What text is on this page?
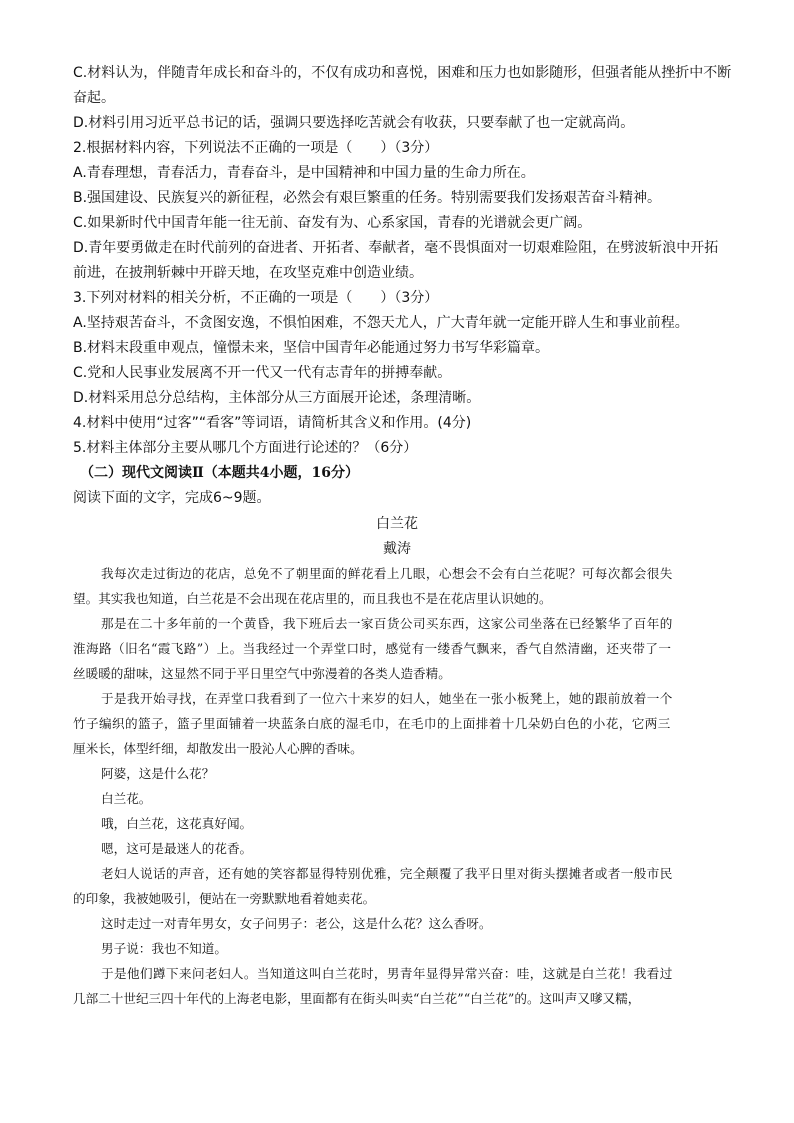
C.材料认为，伴随青年成长和奋斗的，不仅有成功和喜悦，困难和压力也如影随形，但强者能从挫折中不断
奋起。
D.材料引用习近平总书记的话，强调只要选择吃苦就会有收获，只要奉献了也一定就高尚。
2.根据材料内容，下列说法不正确的一项是（　　）（3分）
A.青春理想，青春活力，青春奋斗，是中国精神和中国力量的生命力所在。
B.强国建设、民族复兴的新征程，必然会有艰巨繁重的任务。特别需要我们发扬艰苦奋斗精神。
C.如果新时代中国青年能一往无前、奋发有为、心系家国，青春的光谱就会更广阔。
D.青年要勇做走在时代前列的奋进者、开拓者、奉献者，毫不畏惧面对一切艰难险阻，在劈波斩浪中开拓
前进，在披荆斩棘中开辟天地，在攻坚克难中创造业绩。
3.下列对材料的相关分析，不正确的一项是（　　）（3分）
A.坚持艰苦奋斗，不贪图安逸，不惧怕困难，不怨天尤人，广大青年就一定能开辟人生和事业前程。
B.材料末段重申观点，憧憬未来，坚信中国青年必能通过努力书写华彩篇章。
C.党和人民事业发展离不开一代又一代有志青年的拼搏奉献。
D.材料采用总分总结构，主体部分从三方面展开论述，条理清晰。
4.材料中使用“过客”“看客”等词语，请简析其含义和作用。(4分)
5.材料主体部分主要从哪几个方面进行论述的？（6分）
（二）现代文阅读Ⅱ（本题共4小题，16分）
阅读下面的文字，完成6~9题。
白兰花
戴涛
我每次走过街边的花店，总免不了朝里面的鲜花看上几眼，心想会不会有白兰花呢？可每次都会很失
望。其实我也知道，白兰花是不会出现在花店里的，而且我也不是在花店里认识她的。
那是在二十多年前的一个黄昏，我下班后去一家百货公司买东西，这家公司坐落在已经繁华了百年的
淮海路（旧名“霞飞路”）上。当我经过一个弄堂口时，感觉有一缕香气飘来，香气自然清幽，还夹带了一
丝暖暖的甜味，这显然不同于平日里空气中弥漫着的各类人造香精。
于是我开始寻找，在弄堂口我看到了一位六十来岁的妇人，她坐在一张小板凳上，她的跟前放着一个
竹子编织的篮子，篮子里面铺着一块蓝条白底的湿毛巾，在毛巾的上面排着十几朵奶白色的小花，它两三
厘米长，体型纤细，却散发出一股沁人心脾的香味。
阿婆，这是什么花？
白兰花。
哦，白兰花，这花真好闻。
嗯，这可是最迷人的花香。
老妇人说话的声音，还有她的笑容都显得特别优雅，完全颠覆了我平日里对街头摆摊者或者一般市民
的印象，我被她吸引，便站在一旁默默地看着她卖花。
这时走过一对青年男女，女子问男子：老公，这是什么花？这么香呀。
男子说：我也不知道。
于是他们蹲下来问老妇人。当知道这叫白兰花时，男青年显得异常兴奋：哇，这就是白兰花！我看过
几部二十世纪三四十年代的上海老电影，里面都有在街头叫卖“白兰花”“白兰花”的。这叫声又嗲又糯，
